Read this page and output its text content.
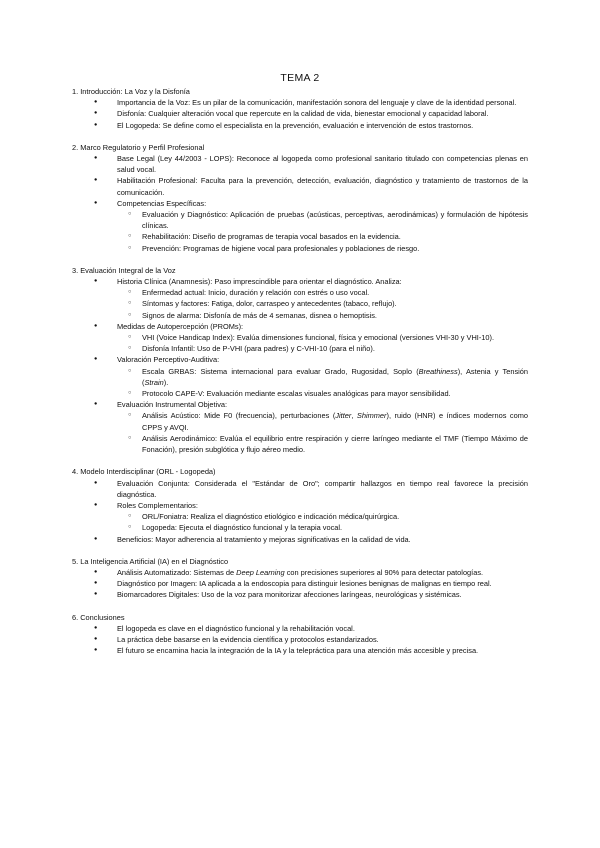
TEMA 2
1. Introducción: La Voz y la Disfonía
● Importancia de la Voz: Es un pilar de la comunicación, manifestación sonora del lenguaje y clave de la identidad personal.
● Disfonía: Cualquier alteración vocal que repercute en la calidad de vida, bienestar emocional y capacidad laboral.
● El Logopeda: Se define como el especialista en la prevención, evaluación e intervención de estos trastornos.
2. Marco Regulatorio y Perfil Profesional
● Base Legal (Ley 44/2003 - LOPS): Reconoce al logopeda como profesional sanitario titulado con competencias plenas en salud vocal.
● Habilitación Profesional: Faculta para la prevención, detección, evaluación, diagnóstico y tratamiento de trastornos de la comunicación.
● Competencias Específicas:
○ Evaluación y Diagnóstico: Aplicación de pruebas (acústicas, perceptivas, aerodinámicas) y formulación de hipótesis clínicas.
○ Rehabilitación: Diseño de programas de terapia vocal basados en la evidencia.
○ Prevención: Programas de higiene vocal para profesionales y poblaciones de riesgo.
3. Evaluación Integral de la Voz
● Historia Clínica (Anamnesis): Paso imprescindible para orientar el diagnóstico. Analiza:
○ Enfermedad actual: Inicio, duración y relación con estrés o uso vocal.
○ Síntomas y factores: Fatiga, dolor, carraspeo y antecedentes (tabaco, reflujo).
○ Signos de alarma: Disfonía de más de 4 semanas, disnea o hemoptisis.
● Medidas de Autopercepción (PROMs):
○ VHI (Voice Handicap Index): Evalúa dimensiones funcional, física y emocional (versiones VHI-30 y VHI-10).
○ Disfonía Infantil: Uso de P-VHI (para padres) y C-VHI-10 (para el niño).
● Valoración Perceptivo-Auditiva:
○ Escala GRBAS: Sistema internacional para evaluar Grado, Rugosidad, Soplo (Breathiness), Astenia y Tensión (Strain).
○ Protocolo CAPE-V: Evaluación mediante escalas visuales analógicas para mayor sensibilidad.
● Evaluación Instrumental Objetiva:
○ Análisis Acústico: Mide F0 (frecuencia), perturbaciones (Jitter, Shimmer), ruido (HNR) e índices modernos como CPPS y AVQI.
○ Análisis Aerodinámico: Evalúa el equilibrio entre respiración y cierre laríngeo mediante el TMF (Tiempo Máximo de Fonación), presión subglótica y flujo aéreo medio.
4. Modelo Interdisciplinar (ORL - Logopeda)
● Evaluación Conjunta: Considerada el "Estándar de Oro"; compartir hallazgos en tiempo real favorece la precisión diagnóstica.
● Roles Complementarios:
○ ORL/Foniatra: Realiza el diagnóstico etiológico e indicación médica/quirúrgica.
○ Logopeda: Ejecuta el diagnóstico funcional y la terapia vocal.
● Beneficios: Mayor adherencia al tratamiento y mejoras significativas en la calidad de vida.
5. La Inteligencia Artificial (IA) en el Diagnóstico
● Análisis Automatizado: Sistemas de Deep Learning con precisiones superiores al 90% para detectar patologías.
● Diagnóstico por Imagen: IA aplicada a la endoscopia para distinguir lesiones benignas de malignas en tiempo real.
● Biomarcadores Digitales: Uso de la voz para monitorizar afecciones laríngeas, neurológicas y sistémicas.
6. Conclusiones
● El logopeda es clave en el diagnóstico funcional y la rehabilitación vocal.
● La práctica debe basarse en la evidencia científica y protocolos estandarizados.
● El futuro se encamina hacia la integración de la IA y la telepráctica para una atención más accesible y precisa.
